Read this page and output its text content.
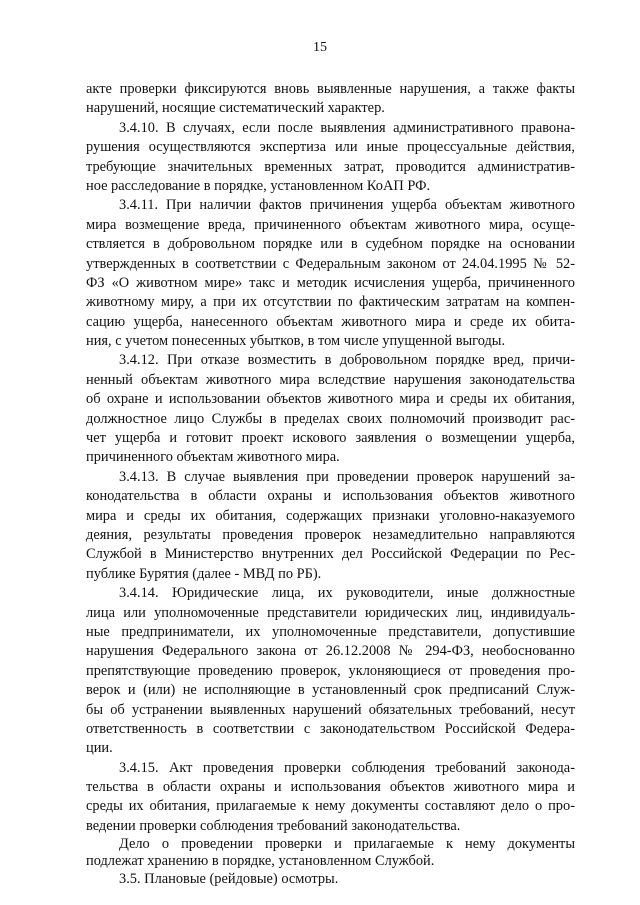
15
акте проверки фиксируются вновь выявленные нарушения, а также факты
нарушений, носящие систематический характер.
3.4.10. В случаях, если после выявления административного правона-
рушения осуществляются экспертиза или иные процессуальные действия,
требующие значительных временных затрат, проводится административ-
ное расследование в порядке, установленном КоАП РФ.
3.4.11. При наличии фактов причинения ущерба объектам животного
мира возмещение вреда, причиненного объектам животного мира, осуще-
ствляется в добровольном порядке или в судебном порядке на основании
утвержденных в соответствии с Федеральным законом от 24.04.1995 № 52-
ФЗ «О животном мире» такс и методик исчисления ущерба, причиненного
животному миру, а при их отсутствии по фактическим затратам на компен-
сацию ущерба, нанесенного объектам животного мира и среде их обита-
ния, с учетом понесенных убытков, в том числе упущенной выгоды.
3.4.12. При отказе возместить в добровольном порядке вред, причи-
ненный объектам животного мира вследствие нарушения законодательства
об охране и использовании объектов животного мира и среды их обитания,
должностное лицо Службы в пределах своих полномочий производит рас-
чет ущерба и готовит проект искового заявления о возмещении ущерба,
причиненного объектам животного мира.
3.4.13. В случае выявления при проведении проверок нарушений за-
конодательства в области охраны и использования объектов животного
мира и среды их обитания, содержащих признаки уголовно-наказуемого
деяния, результаты проведения проверок незамедлительно направляются
Службой в Министерство внутренних дел Российской Федерации по Рес-
публике Бурятия (далее - МВД по РБ).
3.4.14. Юридические лица, их руководители, иные должностные
лица или уполномоченные представители юридических лиц, индивидуаль-
ные предприниматели, их уполномоченные представители, допустившие
нарушения Федерального закона от 26.12.2008 № 294-ФЗ, необоснованно
препятствующие проведению проверок, уклоняющиеся от проведения про-
верок и (или) не исполняющие в установленный срок предписаний Служ-
бы об устранении выявленных нарушений обязательных требований, несут
ответственность в соответствии с законодательством Российской Федера-
ции.
3.4.15. Акт проведения проверки соблюдения требований законода-
тельства в области охраны и использования объектов животного мира и
среды их обитания, прилагаемые к нему документы составляют дело о про-
ведении проверки соблюдения требований законодательства.
Дело о проведении проверки и прилагаемые к нему документы
подлежат хранению в порядке, установленном Службой.
3.5. Плановые (рейдовые) осмотры.
